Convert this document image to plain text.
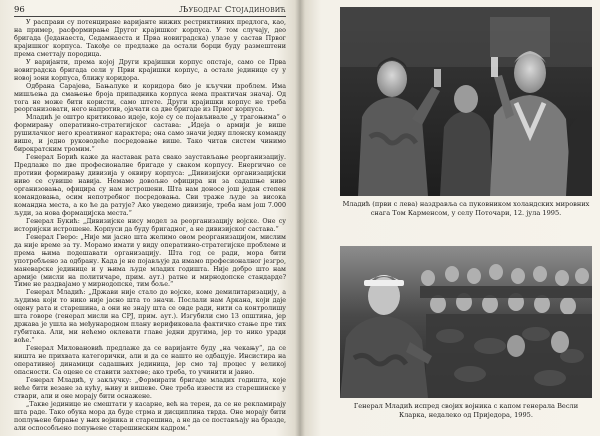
96	Љубодраг Стојадиновић

У расправи су потенциране варијанте нижих рестриктивних предлога, као, на пример, расформирање Другог крајишког корпуса. У том случају, део бригада (Једанаеста, Седамнаеста и Прва новиградска) улазе у састав Првог крајишког корпуса. Такође се предлаже да остали борци буду размештени према сметтају породица.

У варијанти, према којој Други крајишки корпус опстаје, само се Прва новиградска бригада сели у Први крајишки корпус, а остале јединице су у новој зони корпуса, ближу коридора.

Одбрана Сарајева, Бањалуке и коридора био је кључни проблем. Има мишљења да смањење броја припадника корпуса нема практичан значај. Од тога не може бити користи, само штете. Други крајишки корпус не треба реорганизовати, него напротив, ојачати са две бригаде из Првог корпуса.

Младић је оштро критиковао идеје, које су се појављивале „у трагоњима“ о формирању оперативно-стратегијског састава: „Идеја о армији је више рушилачког него креативног карактера; она само значи једну плонску команду више, и једно руководеће посредовање више. Тако читав систем чинимо бирократским тромим.“

Генерал Борић каже да наставак рата свако заустављање реорганизацију. Предлаже по две професионалне бригаде у сваком корпусу. Енергично се противи формирању дивизија у оквиру корпуса: „Дивизијски организацијски ниво се сувише навија. Немамо довољно официра ни за садашње ниво организовања, официра су нам истрошени. Шта нам доносе још један степен командовања, осим непотребног посредовања. Сви траже људе за висока командна места, а ко ће да ратује? Ако уведемо дивизије, треба нам још 7.000 људи, за нова формацијска места.“

Генерал Букић: „Дивизијске нису модел за реорганизацију војске. Оне су историјски истрошене. Корпуси да буду бригадног, а не дивизијског састава.“

Генерал Гверо: „Није ми јасно шта желимо овом реорганизацијом, мислим да није време за ту. Морамо имати у виду оперативно-стратегијске проблеме и према њима подешавати организацију. Шта год се ради, мора бити употребљено за одбрану. Када је не појављује да имамо професионалног језгро, маневарске јединице и у њима људе младих годишта. Није добро што нам армије (мисли на политичаре, прим. аут.) ратне и мирнодопске стандарде? Тиме не раздвајамо у мирнодопске, тим боље.“

Генерал Младић: „Држави није стало до војске, коме демилитаризацију, а људима који то нико није јасно шта то значи. Послали нам Аркана, који даје оцену рата и старешина, а они не знају шта се овде ради, нити са контролишу шта говоре (генерал мисли на СРЈ, прим. аут.). Изгубили смо 13 општина, јер држава је ушла на међународном плану верификовала фактичко стање пре тих губитака. Али, ми нећемо оклевати главе једни другима, јер то нико уради воће.“

Генерал Миловановић предлаже да се варијанте буду „на чекању“, да се ништа не прихвата категорички, али и да се нашто не одбацује. Инсистира на оперативној динамици садашњих јединица, јер смо тај процес у великој опасности. Са оцене се ставити захтеве; ако треба, то учинити и јавно.

Генерал Младић, у закључку: „Формирати бригаде младих годишта, које неће бити везане за кућу, њиву и вишеве. Оне треба извести из старешинске у ствари, али и оне морају бити оснажене.

„Такве јединице не смештати у касарне, већ на терен, да се не рекламирају шта раде. Тако обука мора да буде стрма и дисциплина тврда. Оне морају бити поплуњене бирање у њих војника и старешина, а не да се постављају на бразде, али оспособљено попуњене старешинским кадром.“

Младић (први с лева) наздравља са пуковником холандских мировних снага Том Карменсом, у селу Поточари, 12. јула 1995.
Генерал Младић испред својих војника с капом генерала Весли Кларка, недалеко од Приједора, 1995.
